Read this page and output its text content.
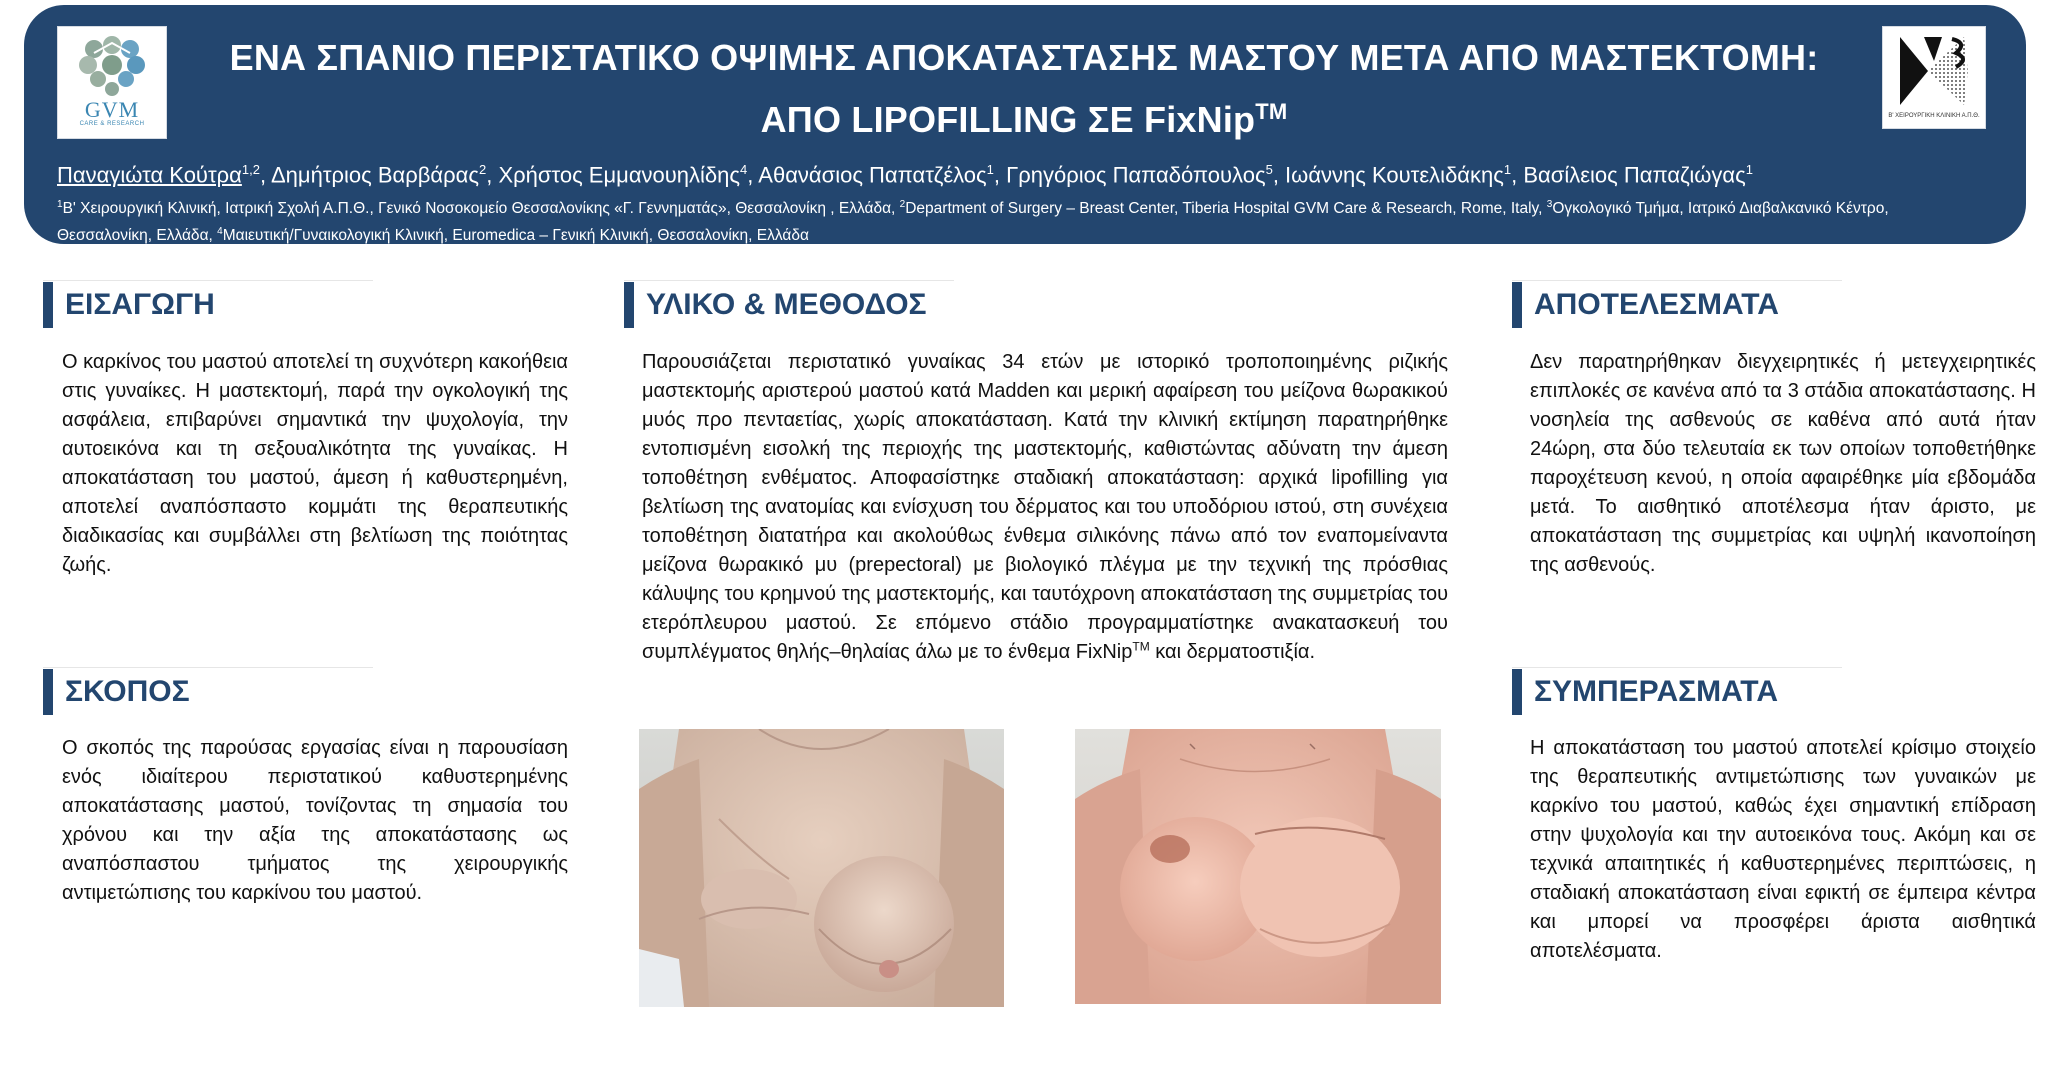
GVM
CARE & RESEARCH
ΕΝΑ ΣΠΑΝΙΟ ΠΕΡΙΣΤΑΤΙΚΟ ΟΨΙΜΗΣ ΑΠΟΚΑΤΑΣΤΑΣΗΣ ΜΑΣΤΟΥ ΜΕΤΑ ΑΠΟ ΜΑΣΤΕΚΤΟΜΗ:
ΑΠΟ LIPOFILLING ΣΕ FixNip™	Β' ΧΕΙΡΟΥΡΓΙΚΗ ΚΛΙΝΙΚΗ Α.Π.Θ.
Παναγιώτα Κούτρα$^{1,2}$, Δημήτριος Βαρβάρας$^2$, Χρήστος Εμμανουηλίδης$^4$, Αθανάσιος Παπατζέλος$^1$, Γρηγόριος Παπαδόπουλος$^5$, Ιωάννης Κουτελιδάκης$^1$, Βασίλειος Παπαζιώγας$^1$
$^1$Β' Χειρουργική Κλινική, Ιατρική Σχολή Α.Π.Θ., Γενικό Νοσοκομείο Θεσσαλονίκης «Γ. Γεννηματάς», Θεσσαλονίκη , Ελλάδα, $^2$Department of Surgery – Breast Center, Tiberia Hospital GVM Care & Research, Rome, Italy, $^3$Ογκολογικό Τμήμα, Ιατρικό Διαβαλκανικό Κέντρο, Θεσσαλονίκη, Ελλάδα, $^4$Μαιευτική/Γυναικολογική Κλινική, Euromedica – Γενική Κλινική, Θεσσαλονίκη, Ελλάδα
ΕΙΣΑΓΩΓΗ
Ο καρκίνος του μαστού αποτελεί τη συχνότερη κακοήθεια στις γυναίκες. Η μαστεκτομή, παρά την ογκολογική της ασφάλεια, επιβαρύνει σημαντικά την ψυχολογία, την αυτοεικόνα και τη σεξουαλικότητα της γυναίκας. Η αποκατάσταση του μαστού, άμεση ή καθυστερημένη, αποτελεί αναπόσπαστο κομμάτι της θεραπευτικής διαδικασίας και συμβάλλει στη βελτίωση της ποιότητας ζωής.
ΣΚΟΠΟΣ
Ο σκοπός της παρούσας εργασίας είναι η παρουσίαση ενός ιδιαίτερου περιστατικού καθυστερημένης αποκατάστασης μαστού, τονίζοντας τη σημασία του χρόνου και την αξία της αποκατάστασης ως αναπόσπαστου τμήματος της χειρουργικής αντιμετώπισης του καρκίνου του μαστού.
ΥΛΙΚΟ & ΜΕΘΟΔΟΣ
Παρουσιάζεται περιστατικό γυναίκας 34 ετών με ιστορικό τροποποιημένης ριζικής μαστεκτομής αριστερού μαστού κατά Madden και μερική αφαίρεση του μείζονα θωρακικού μυός προ πενταετίας, χωρίς αποκατάσταση. Κατά την κλινική εκτίμηση παρατηρήθηκε εντοπισμένη εισολκή της περιοχής της μαστεκτομής, καθιστώντας αδύνατη την άμεση τοποθέτηση ενθέματος. Αποφασίστηκε σταδιακή αποκατάσταση: αρχικά lipofilling για βελτίωση της ανατομίας και ενίσχυση του δέρματος και του υποδόριου ιστού, στη συνέχεια τοποθέτηση διατατήρα και ακολούθως ένθεμα σιλικόνης πάνω από τον εναπομείναντα μείζονα θωρακικό μυ (prepectoral) με βιολογικό πλέγμα με την τεχνική της πρόσθιας κάλυψης του κρημνού της μαστεκτομής, και ταυτόχρονη αποκατάσταση της συμμετρίας του ετερόπλευρου μαστού. Σε επόμενο στάδιο προγραμματίστηκε ανακατασκευή του συμπλέγματος θηλής–θηλαίας άλω με το ένθεμα FixNip™ και δερματοστιξία.
ΑΠΟΤΕΛΕΣΜΑΤΑ
Δεν παρατηρήθηκαν διεγχειρητικές ή μετεγχειρητικές επιπλοκές σε κανένα από τα 3 στάδια αποκατάστασης. Η νοσηλεία της ασθενούς σε καθένα από αυτά ήταν 24ώρη, στα δύο τελευταία εκ των οποίων τοποθετήθηκε παροχέτευση κενού, η οποία αφαιρέθηκε μία εβδομάδα μετά. Το αισθητικό αποτέλεσμα ήταν άριστο, με αποκατάσταση της συμμετρίας και υψηλή ικανοποίηση της ασθενούς.
ΣΥΜΠΕΡΑΣΜΑΤΑ
Η αποκατάσταση του μαστού αποτελεί κρίσιμο στοιχείο της θεραπευτικής αντιμετώπισης των γυναικών με καρκίνο του μαστού, καθώς έχει σημαντική επίδραση στην ψυχολογία και την αυτοεικόνα τους. Ακόμη και σε τεχνικά απαιτητικές ή καθυστερημένες περιπτώσεις, η σταδιακή αποκατάσταση είναι εφικτή σε έμπειρα κέντρα και μπορεί να προσφέρει άριστα αισθητικά αποτελέσματα.
